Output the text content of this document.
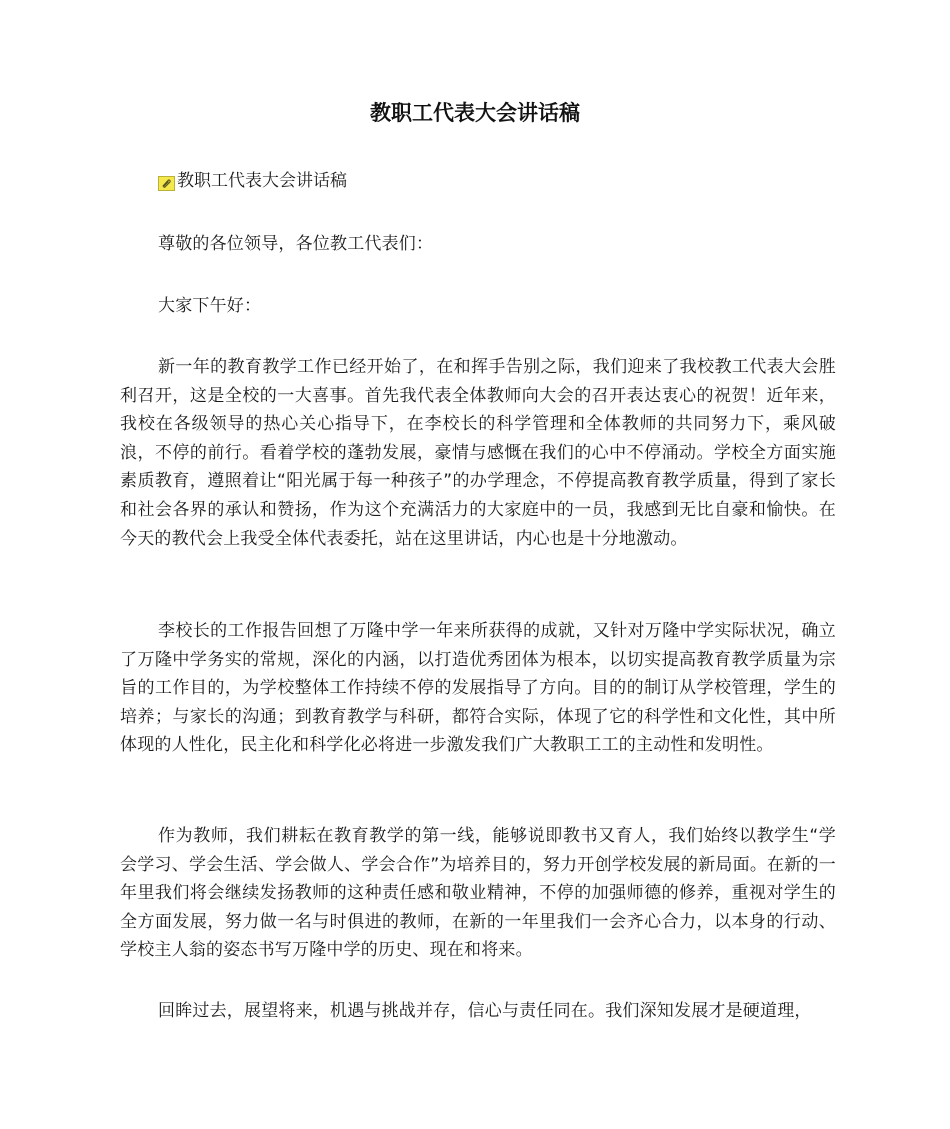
教职工代表大会讲话稿
教职工代表大会讲话稿

尊敬的各位领导，各位教工代表们：

大家下午好：

新一年的教育教学工作已经开始了，在和挥手告别之际，我们迎来了我校教工代表大会胜利召开，这是全校的一大喜事。首先我代表全体教师向大会的召开表达衷心的祝贺！近年来，我校在各级领导的热心关心指导下，在李校长的科学管理和全体教师的共同努力下，乘风破浪，不停的前行。看着学校的蓬勃发展，豪情与感慨在我们的心中不停涌动。学校全方面实施素质教育，遵照着让“阳光属于每一种孩子”的办学理念，不停提高教育教学质量，得到了家长和社会各界的承认和赞扬，作为这个充满活力的大家庭中的一员，我感到无比自豪和愉快。在今天的教代会上我受全体代表委托，站在这里讲话，内心也是十分地激动。

李校长的工作报告回想了万隆中学一年来所获得的成就，又针对万隆中学实际状况，确立了万隆中学务实的常规，深化的内涵，以打造优秀团体为根本，以切实提高教育教学质量为宗旨的工作目的，为学校整体工作持续不停的发展指导了方向。目的的制订从学校管理，学生的培养；与家长的沟通；到教育教学与科研，都符合实际，体现了它的科学性和文化性，其中所体现的人性化，民主化和科学化必将进一步激发我们广大教职工工的主动性和发明性。

作为教师，我们耕耘在教育教学的第一线，能够说即教书又育人，我们始终以教学生“学会学习、学会生活、学会做人、学会合作”为培养目的，努力开创学校发展的新局面。在新的一年里我们将会继续发扬教师的这种责任感和敬业精神，不停的加强师德的修养，重视对学生的全方面发展，努力做一名与时俱进的教师，在新的一年里我们一会齐心合力，以本身的行动、学校主人翁的姿态书写万隆中学的历史、现在和将来。

回眸过去，展望将来，机遇与挑战并存，信心与责任同在。我们深知发展才是硬道理，
